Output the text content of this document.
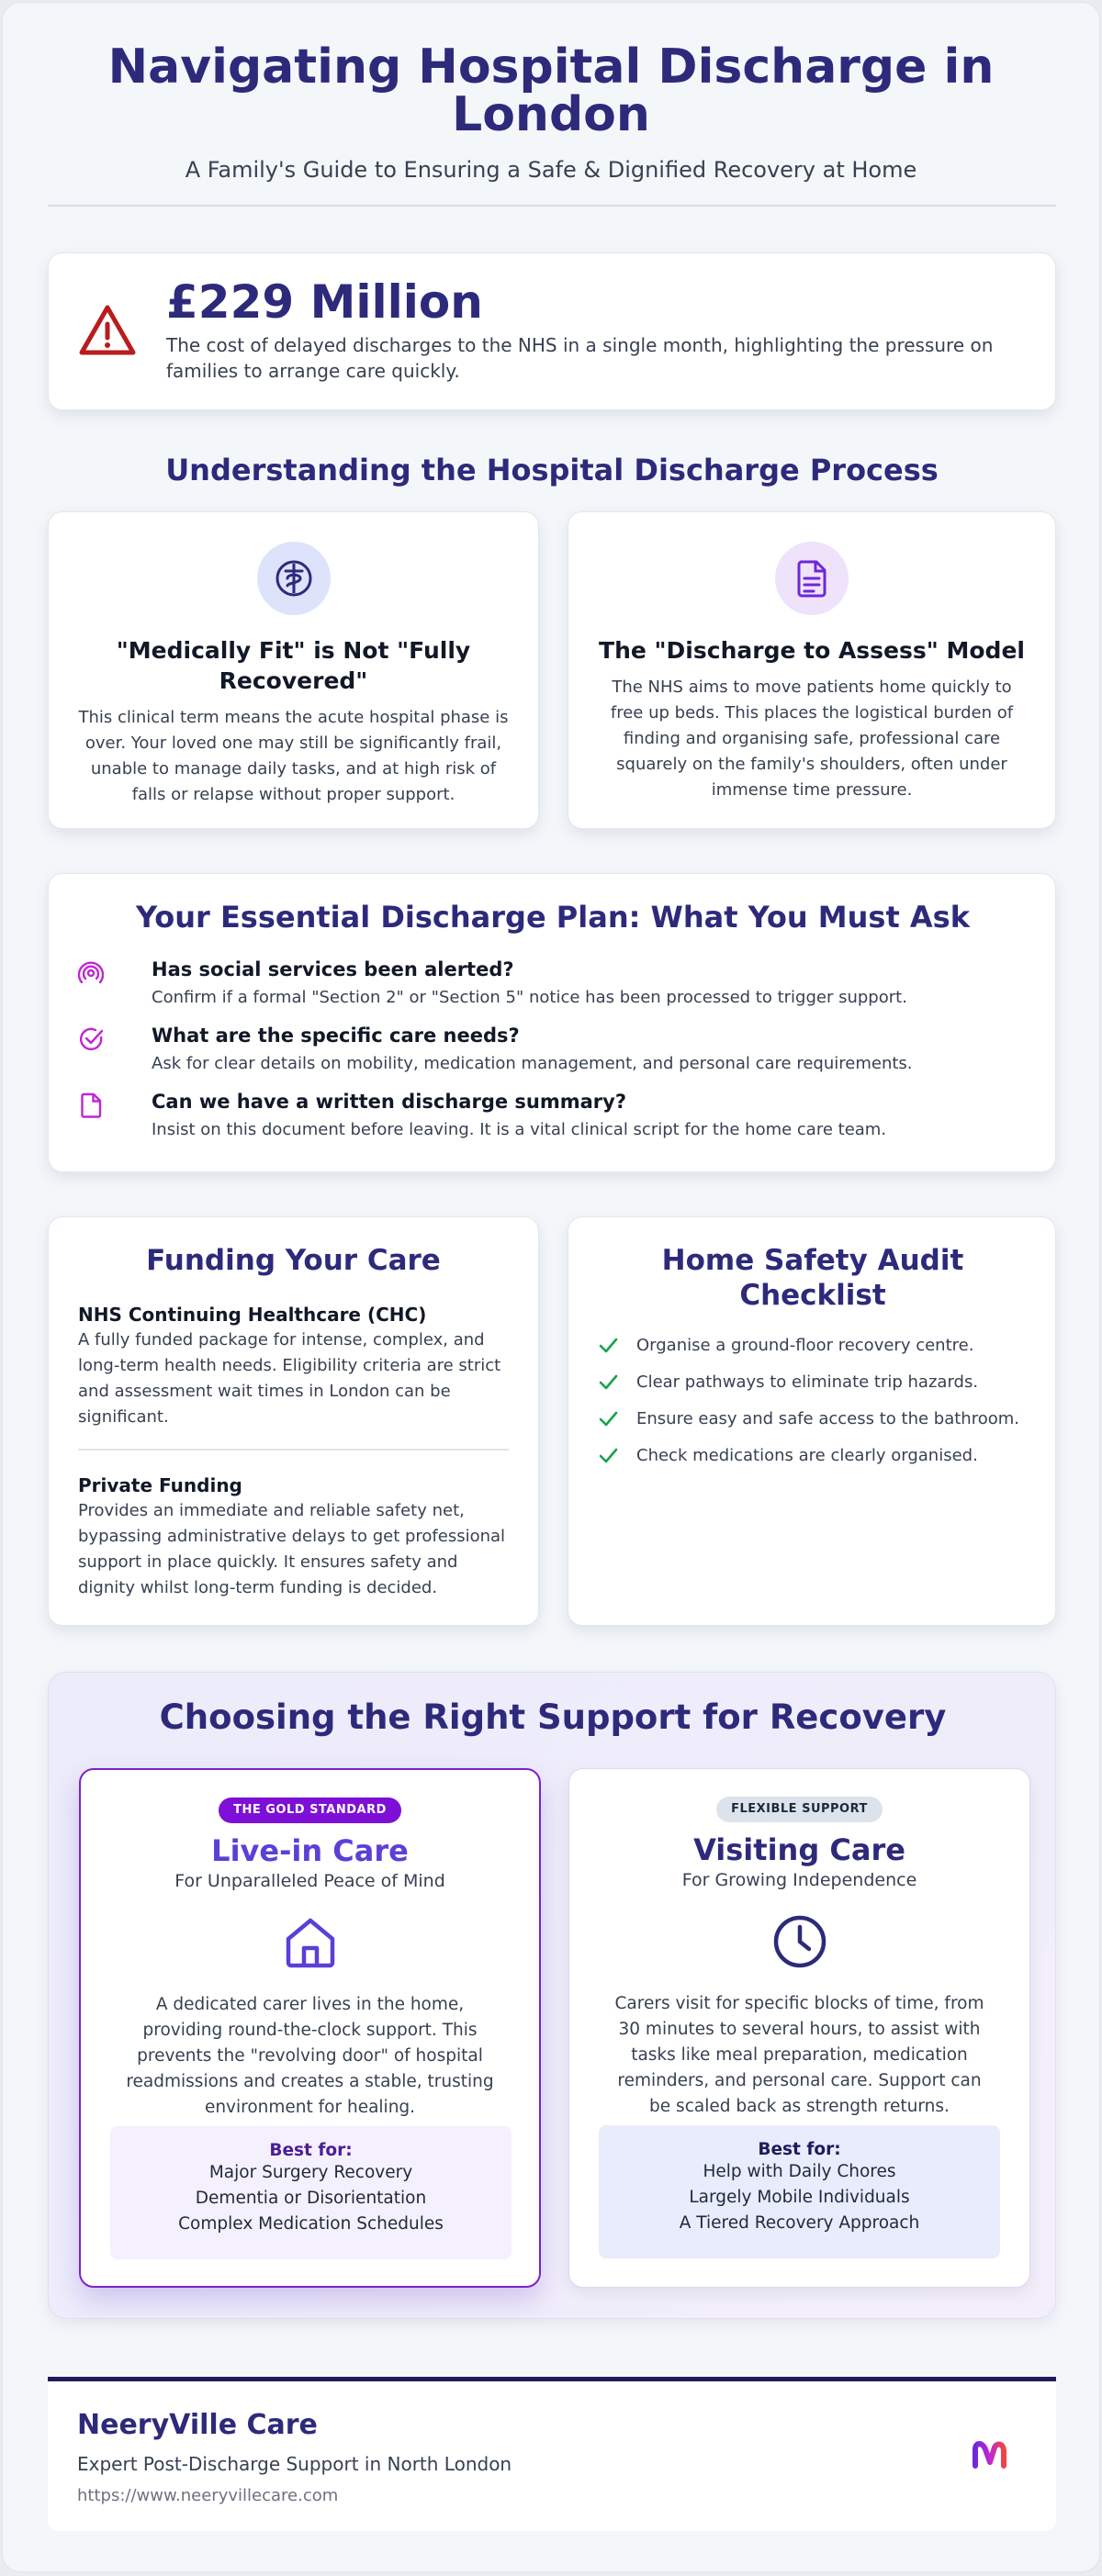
Navigating Hospital Discharge in London
A Family's Guide to Ensuring a Safe & Dignified Recovery at Home
£229 Million
The cost of delayed discharges to the NHS in a single month, highlighting the pressure on families to arrange care quickly.
Understanding the Hospital Discharge Process
"Medically Fit" is Not "Fully Recovered"
This clinical term means the acute hospital phase is over. Your loved one may still be significantly frail, unable to manage daily tasks, and at high risk of falls or relapse without proper support.
The "Discharge to Assess" Model
The NHS aims to move patients home quickly to free up beds. This places the logistical burden of finding and organising safe, professional care squarely on the family's shoulders, often under immense time pressure.
Your Essential Discharge Plan: What You Must Ask
Has social services been alerted?
Confirm if a formal "Section 2" or "Section 5" notice has been processed to trigger support.
What are the specific care needs?
Ask for clear details on mobility, medication management, and personal care requirements.
Can we have a written discharge summary?
Insist on this document before leaving. It is a vital clinical script for the home care team.
Funding Your Care
NHS Continuing Healthcare (CHC)
A fully funded package for intense, complex, and long-term health needs. Eligibility criteria are strict and assessment wait times in London can be significant.
Private Funding
Provides an immediate and reliable safety net, bypassing administrative delays to get professional support in place quickly. It ensures safety and dignity whilst long-term funding is decided.
Home Safety Audit Checklist
Organise a ground-floor recovery centre.
Clear pathways to eliminate trip hazards.
Ensure easy and safe access to the bathroom.
Check medications are clearly organised.
Choosing the Right Support for Recovery
THE GOLD STANDARD
Live-in Care
For Unparalleled Peace of Mind
A dedicated carer lives in the home, providing round-the-clock support. This prevents the "revolving door" of hospital readmissions and creates a stable, trusting environment for healing.
Best for:
Major Surgery Recovery
Dementia or Disorientation
Complex Medication Schedules
FLEXIBLE SUPPORT
Visiting Care
For Growing Independence
Carers visit for specific blocks of time, from 30 minutes to several hours, to assist with tasks like meal preparation, medication reminders, and personal care. Support can be scaled back as strength returns.
Best for:
Help with Daily Chores
Largely Mobile Individuals
A Tiered Recovery Approach
NeeryVille Care
Expert Post-Discharge Support in North London
https://www.neeryvillecare.com
